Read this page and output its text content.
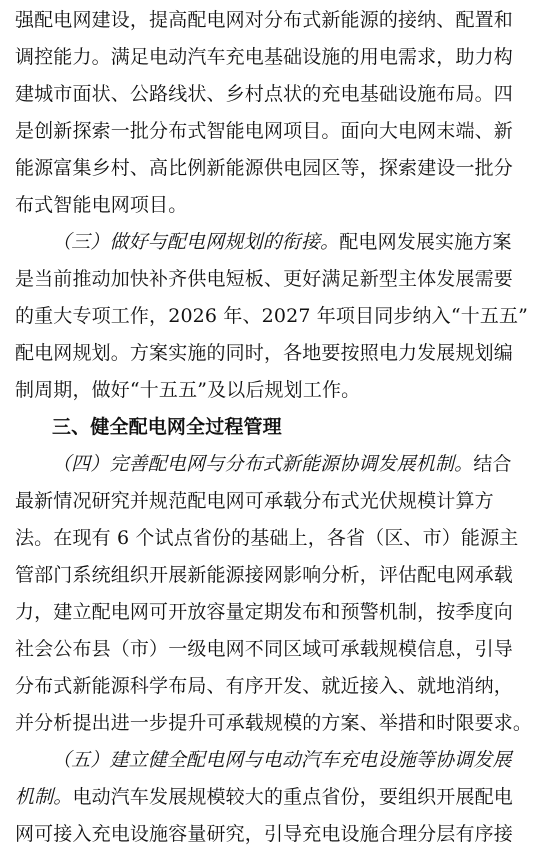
强配电网建设，提高配电网对分布式新能源的接纳、配置和
调控能力。满足电动汽车充电基础设施的用电需求，助力构
建城市面状、公路线状、乡村点状的充电基础设施布局。四
是创新探索一批分布式智能电网项目。面向大电网末端、新
能源富集乡村、高比例新能源供电园区等，探索建设一批分
布式智能电网项目。
（三）做好与配电网规划的衔接。配电网发展实施方案
是当前推动加快补齐供电短板、更好满足新型主体发展需要
的重大专项工作，2026 年、2027 年项目同步纳入“十五五”
配电网规划。方案实施的同时，各地要按照电力发展规划编
制周期，做好“十五五”及以后规划工作。
三、健全配电网全过程管理
（四）完善配电网与分布式新能源协调发展机制。结合
最新情况研究并规范配电网可承载分布式光伏规模计算方
法。在现有 6 个试点省份的基础上，各省（区、市）能源主
管部门系统组织开展新能源接网影响分析，评估配电网承载
力，建立配电网可开放容量定期发布和预警机制，按季度向
社会公布县（市）一级电网不同区域可承载规模信息，引导
分布式新能源科学布局、有序开发、就近接入、就地消纳，
并分析提出进一步提升可承载规模的方案、举措和时限要求。
（五）建立健全配电网与电动汽车充电设施等协调发展
机制。电动汽车发展规模较大的重点省份，要组织开展配电
网可接入充电设施容量研究，引导充电设施合理分层有序接
